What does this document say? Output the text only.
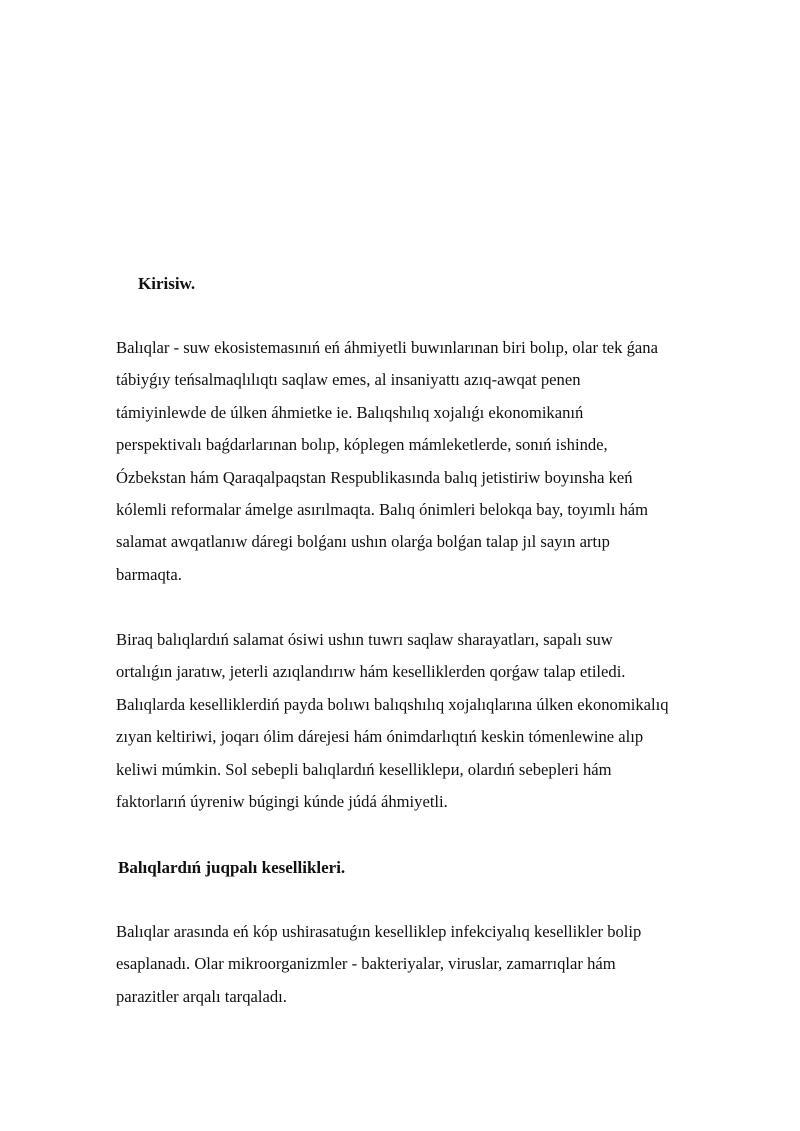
Kirisiw.

Balıqlar - suw ekosistemasınıń eń áhmiyetli buwınlarınan biri bolıp, olar tek ǵana
tábiyǵıy teńsalmaqlılıqtı saqlaw emes, al insaniyattı azıq-awqat penen
támiyinlewde de úlken áhmietke ie. Balıqshılıq xojalıǵı ekonomikanıń
perspektivalı baǵdarlarınan bolıp, kóplegen mámleketlerde, sonıń ishinde,
Ózbekstan hám Qaraqalpaqstan Respublikasında balıq jetistiriw boyınsha keń
kólemli reformalar ámelge asırılmaqta. Balıq ónimleri belokqa bay, toyımlı hám
salamat awqatlanıw dáregi bolǵanı ushın olarǵa bolǵan talap jıl sayın artıp
barmaqta.

Biraq balıqlardıń salamat ósiwi ushın tuwrı saqlaw sharayatları, sapalı suw
ortalıǵın jaratıw, jeterli azıqlandırıw hám keselliklerden qorǵaw talap etiledi.
Balıqlarda keselliklerdiń payda bolıwı balıqshılıq xojalıqlarına úlken ekonomikalıq
zıyan keltiriwi, joqarı ólim dárejesi hám ónimdarlıqtıń keskin tómenlewine alıp
keliwi múmkin. Sol sebepli balıqlardıń keselliklери, olardıń sebepleri hám
faktorlarıń úyreniw búgingi kúnde júdá áhmiyetli.

Balıqlardıń juqpalı kesellikleri.

Balıqlar arasında eń kóp ushirasatuǵın keselliklер infekciyalıq kesellikler bolip
esaplanadı. Olar mikroorganizmler - bakteriyalar, viruslar, zamarrıqlar hám
parazitler arqalı tarqaladı.
